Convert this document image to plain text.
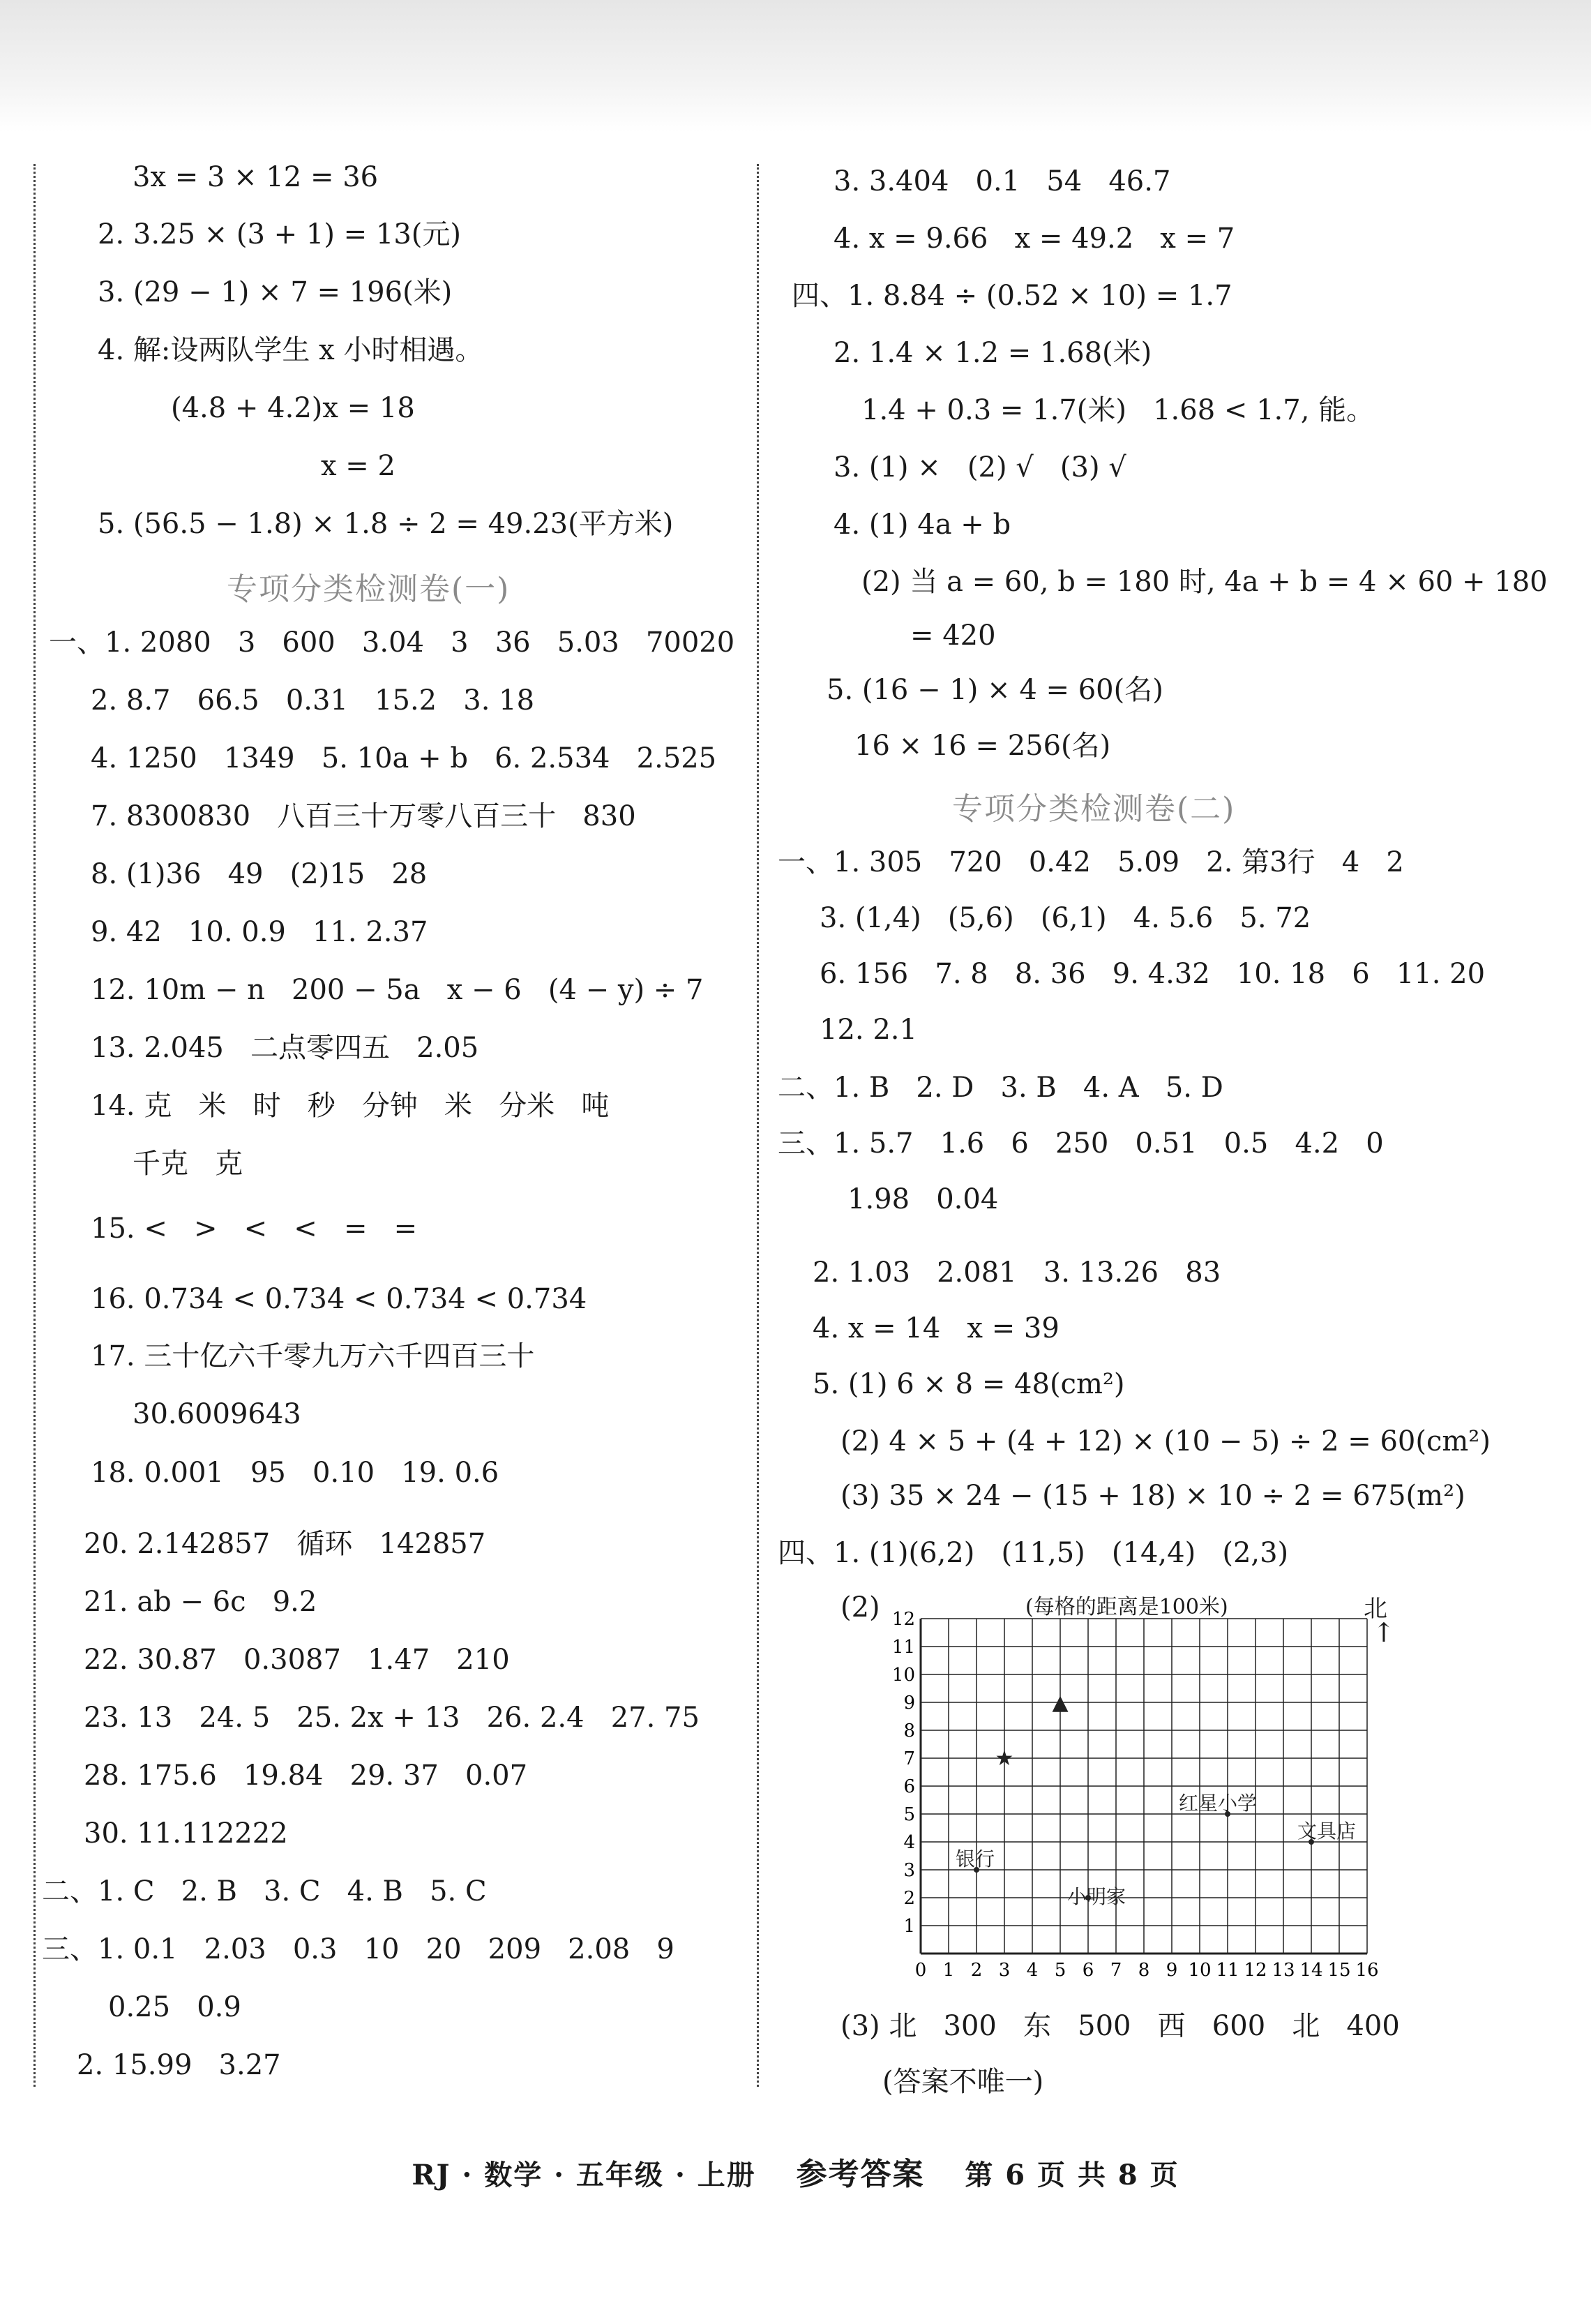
3x = 3 × 12 = 36
2. 3.25 × (3 + 1) = 13(元)
3. (29 − 1) × 7 = 196(米)
4. 解:设两队学生 x 小时相遇。
(4.8 + 4.2)x = 18
x = 2
5. (56.5 − 1.8) × 1.8 ÷ 2 = 49.23(平方米)
专项分类检测卷(一)
一、1. 2080   3   600   3.04   3   36   5.03   70020
2. 8.7   66.5   0.31   15.2   3. 18
4. 1250   1349   5. 10a + b   6. 2.534   2.525
7. 8300830   八百三十万零八百三十   830
8. (1)36   49   (2)15   28
9. 42   10. 0.9   11. 2.37
12. 10m − n   200 − 5a   x − 6   (4 − y) ÷ 7
13. 2.045   二点零四五   2.05
14. 克   米   时   秒   分钟   米   分米   吨
千克   克
15. <   >   <   <   =   =
16. 0.734 < 0.734 < 0.734 < 0.734
17. 三十亿六千零九万六千四百三十
30.6009643
18. 0.001   95   0.10   19. 0.6
20. 2.142857   循环   142857
21. ab − 6c   9.2
22. 30.87   0.3087   1.47   210
23. 13   24. 5   25. 2x + 13   26. 2.4   27. 75
28. 175.6   19.84   29. 37   0.07
30. 11.112222
二、1. C   2. B   3. C   4. B   5. C
三、1. 0.1   2.03   0.3   10   20   209   2.08   9
0.25   0.9
2. 15.99   3.27
3. 3.404   0.1   54   46.7
4. x = 9.66   x = 49.2   x = 7
四、1. 8.84 ÷ (0.52 × 10) = 1.7
2. 1.4 × 1.2 = 1.68(米)
1.4 + 0.3 = 1.7(米)   1.68 < 1.7, 能。
3. (1) ×   (2) √   (3) √
4. (1) 4a + b
(2) 当 a = 60, b = 180 时, 4a + b = 4 × 60 + 180
= 420
5. (16 − 1) × 4 = 60(名)
16 × 16 = 256(名)
专项分类检测卷(二)
一、1. 305   720   0.42   5.09   2. 第3行   4   2
3. (1,4)   (5,6)   (6,1)   4. 5.6   5. 72
6. 156   7. 8   8. 36   9. 4.32   10. 18   6   11. 20
12. 2.1
二、1. B   2. D   3. B   4. A   5. D
三、1. 5.7   1.6   6   250   0.51   0.5   4.2   0
1.98   0.04
2. 1.03   2.081   3. 13.26   83
4. x = 14   x = 39
5. (1) 6 × 8 = 48(cm²)
(2) 4 × 5 + (4 + 12) × (10 − 5) ÷ 2 = 60(cm²)
(3) 35 × 24 − (15 + 18) × 10 ÷ 2 = 675(m²)
四、1. (1)(6,2)   (11,5)   (14,4)   (2,3)
(2)
(3) 北   300   东   500   西   600   北   400
(答案不唯一)
(每格的距离是100米)	北
↑
0 1 2 3 4 5 6 7 8 9 10 11 12 13 14 15 16
1
2
3
4
5
6
7
8
9
10
11
12
银行
小明家
红星小学
文具店
★
▲
RJ · 数学 · 五年级 · 上册 参考答案 第 6 页 共 8 页
